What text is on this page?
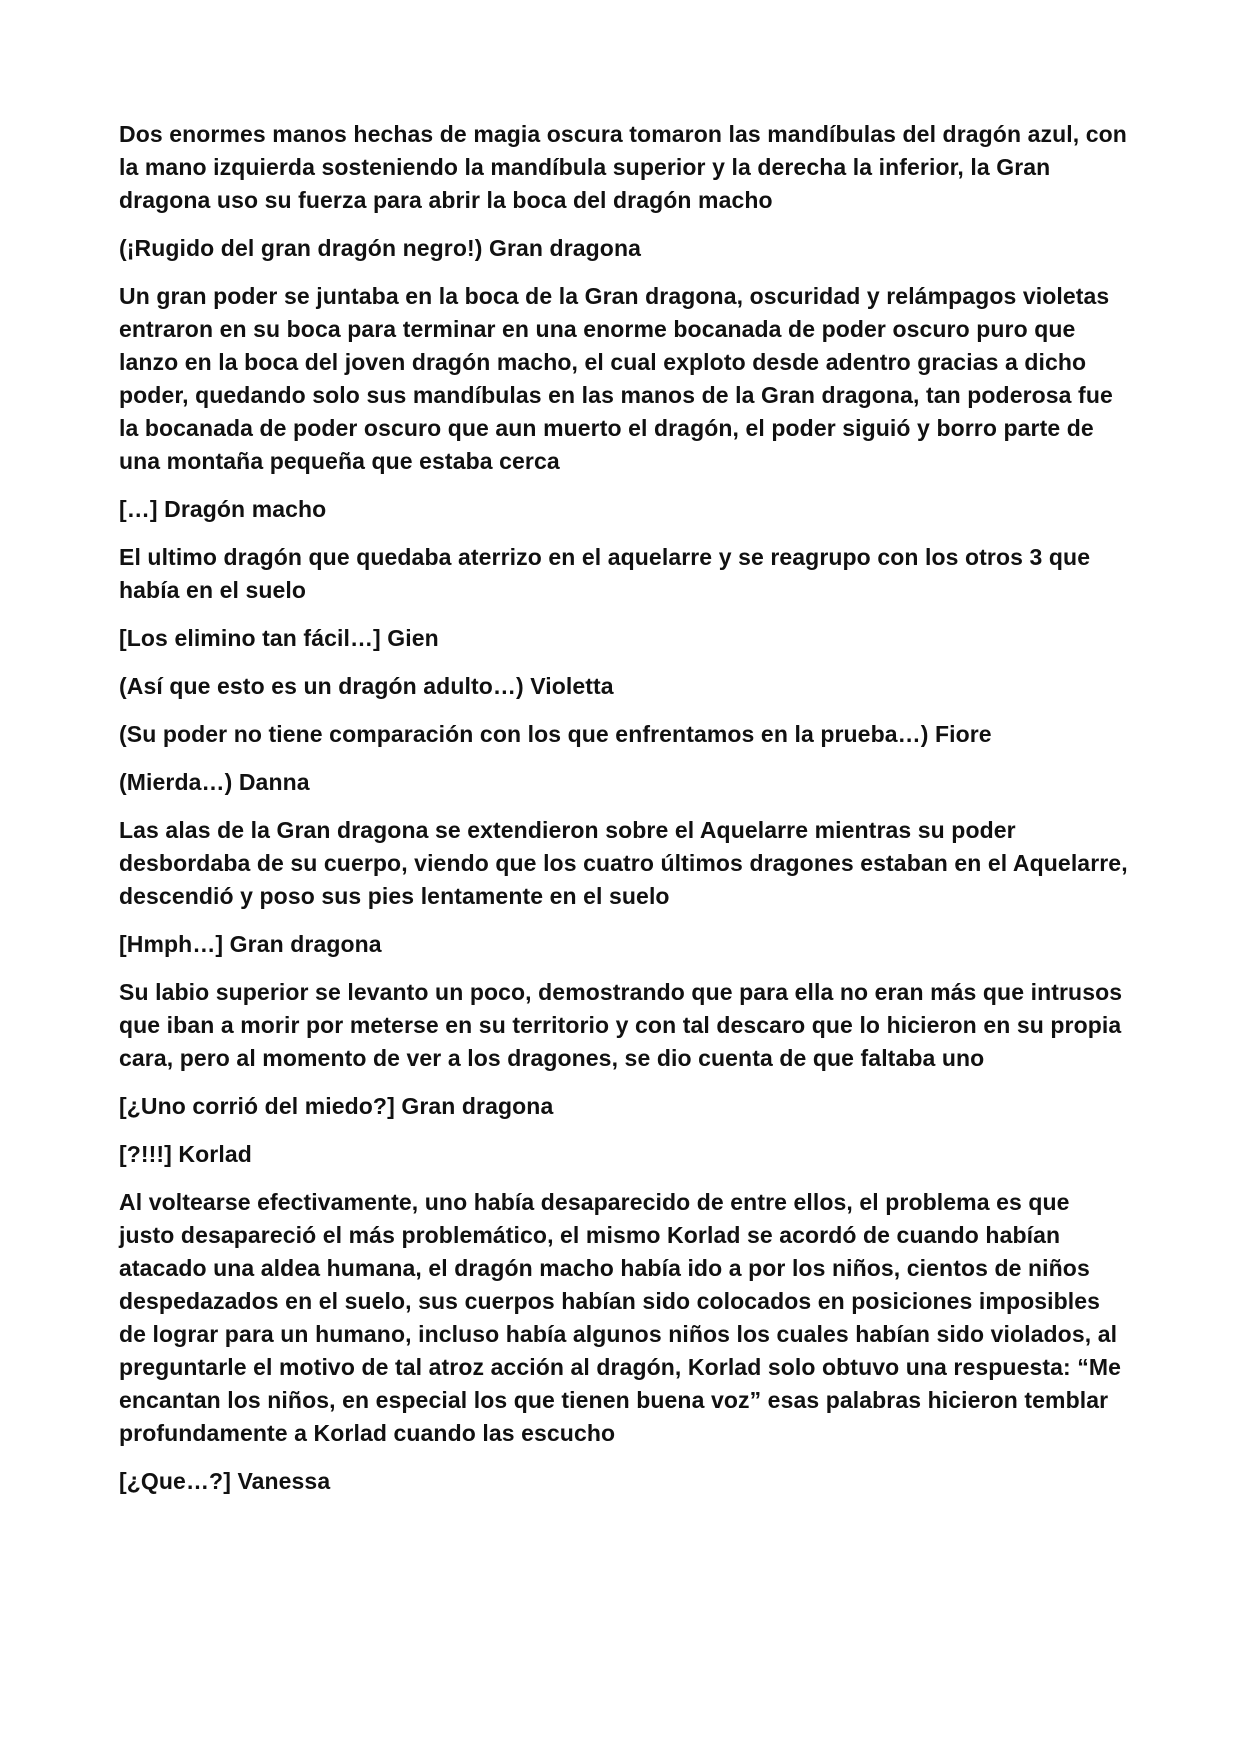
Dos enormes manos hechas de magia oscura tomaron las mandíbulas del dragón azul, con la mano izquierda sosteniendo la mandíbula superior y la derecha la inferior, la Gran dragona uso su fuerza para abrir la boca del dragón macho

(¡Rugido del gran dragón negro!) Gran dragona

Un gran poder se juntaba en la boca de la Gran dragona, oscuridad y relámpagos violetas entraron en su boca para terminar en una enorme bocanada de poder oscuro puro que lanzo en la boca del joven dragón macho, el cual exploto desde adentro gracias a dicho poder, quedando solo sus mandíbulas en las manos de la Gran dragona, tan poderosa fue la bocanada de poder oscuro que aun muerto el dragón, el poder siguió y borro parte de una montaña pequeña que estaba cerca

[…] Dragón macho

El ultimo dragón que quedaba aterrizo en el aquelarre y se reagrupo con los otros 3 que había en el suelo

[Los elimino tan fácil…] Gien

(Así que esto es un dragón adulto…) Violetta

(Su poder no tiene comparación con los que enfrentamos en la prueba…) Fiore

(Mierda…) Danna

Las alas de la Gran dragona se extendieron sobre el Aquelarre mientras su poder desbordaba de su cuerpo, viendo que los cuatro últimos dragones estaban en el Aquelarre, descendió y poso sus pies lentamente en el suelo

[Hmph…] Gran dragona

Su labio superior se levanto un poco, demostrando que para ella no eran más que intrusos que iban a morir por meterse en su territorio y con tal descaro que lo hicieron en su propia cara, pero al momento de ver a los dragones, se dio cuenta de que faltaba uno

[¿Uno corrió del miedo?] Gran dragona

[?!!!] Korlad

Al voltearse efectivamente, uno había desaparecido de entre ellos, el problema es que justo desapareció el más problemático, el mismo Korlad se acordó de cuando habían atacado una aldea humana, el dragón macho había ido a por los niños, cientos de niños despedazados en el suelo, sus cuerpos habían sido colocados en posiciones imposibles de lograr para un humano, incluso había algunos niños los cuales habían sido violados, al preguntarle el motivo de tal atroz acción al dragón, Korlad solo obtuvo una respuesta: “Me encantan los niños, en especial los que tienen buena voz” esas palabras hicieron temblar profundamente a Korlad cuando las escucho

[¿Que…?] Vanessa
